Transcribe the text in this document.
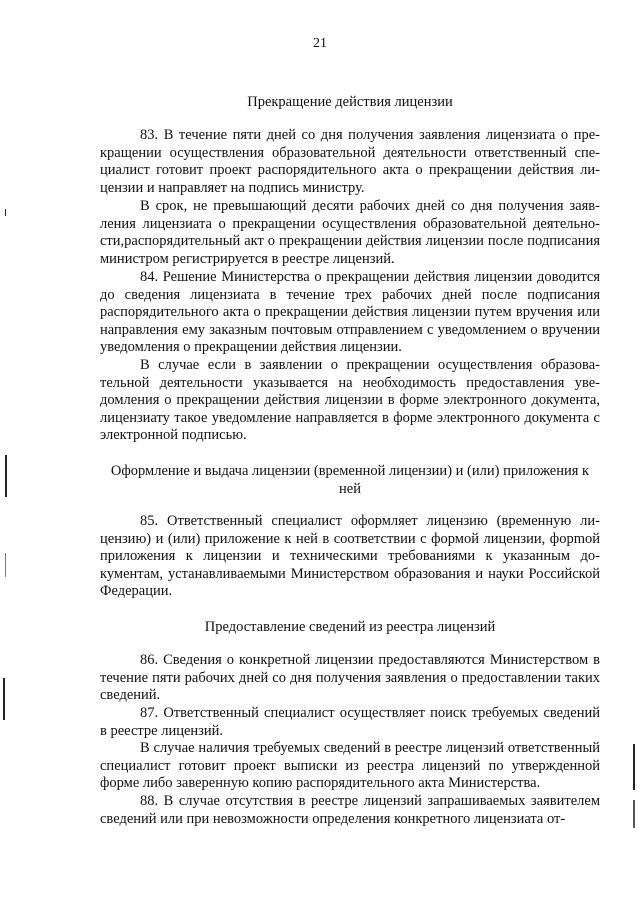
21
Прекращение действия лицензии
83. В течение пяти дней со дня получения заявления лицензиата о прекращении осуществления образовательной деятельности ответственный специалист готовит проект распорядительного акта о прекращении действия лицензии и направляет на подпись министру.
В срок, не превышающий десяти рабочих дней со дня получения заявления лицензиата о прекращении осуществления образовательной деятельности,распорядительный акт о прекращении действия лицензии после подписания министром регистрируется в реестре лицензий.
84. Решение Министерства о прекращении действия лицензии доводится до сведения лицензиата в течение трех рабочих дней после подписания распорядительного акта о прекращении действия лицензии путем вручения или направления ему заказным почтовым отправлением с уведомлением о вручении уведомления о прекращении действия лицензии.
В случае если в заявлении о прекращении осуществления образовательной деятельности указывается на необходимость предоставления уведомления о прекращении действия лицензии в форме электронного документа, лицензиату такое уведомление направляется в форме электронного документа с электронной подписью.
Оформление и выдача лицензии (временной лицензии) и (или) приложения к ней
85. Ответственный специалист оформляет лицензию (временную лицензию) и (или) приложение к ней в соответствии с формой лицензии, форmой приложения к лицензии и техническими требованиями к указанным документам, устанавливаемыми Министерством образования и науки Российской Федерации.
Предоставление сведений из реестра лицензий
86. Сведения о конкретной лицензии предоставляются Министерством в течение пяти рабочих дней со дня получения заявления о предоставлении таких сведений.
87. Ответственный специалист осуществляет поиск требуемых сведений в реестре лицензий.
В случае наличия требуемых сведений в реестре лицензий ответственный специалист готовит проект выписки из реестра лицензий по утвержденной форме либо заверенную копию распорядительного акта Министерства.
88. В случае отсутствия в реестре лицензий запрашиваемых заявителем сведений или при невозможности определения конкретного лицензиата от-
